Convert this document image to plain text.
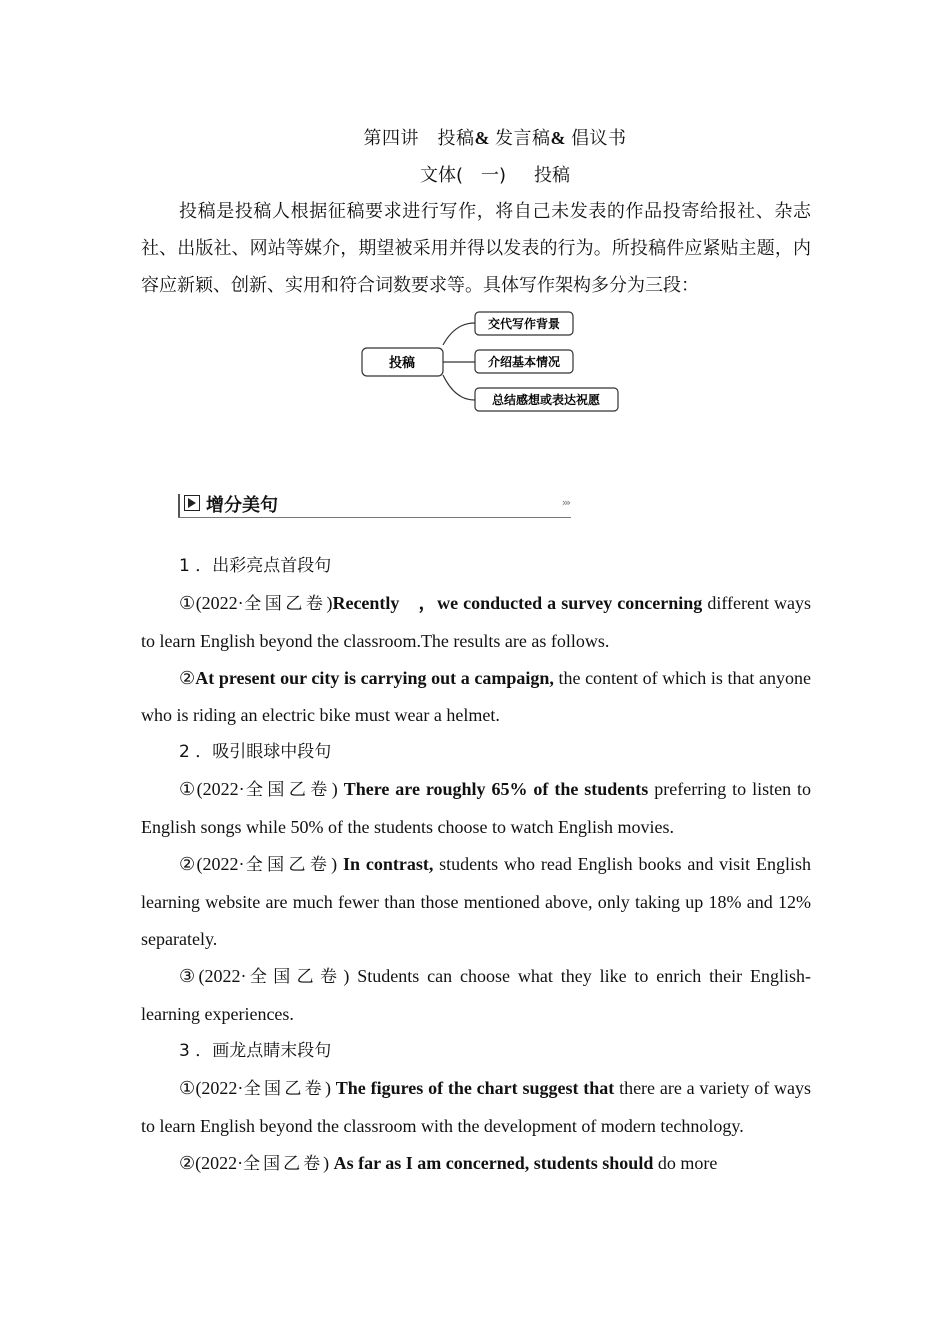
第四讲　投稿& 发言稿& 倡议书
文体(　一) 投稿

投稿是投稿人根据征稿要求进行写作，将自己未发表的作品投寄给报社、杂志社、出版社、网站等媒介，期望被采用并得以发表的行为。所投稿件应紧贴主题，内容应新颖、创新、实用和符合词数要求等。具体写作架构多分为三段：

投稿
交代写作背景
介绍基本情况
总结感想或表达祝愿
增分美句	›››

1 ．出彩亮点首段句

①(2022·全国乙卷)Recently　，we conducted a survey concerning different ways to learn English beyond the classroom.The results are as follows.

②At present our city is carrying out a campaign, the content of which is that anyone who is riding an electric bike must wear a helmet.

2 ．吸引眼球中段句

①(2022·全国乙卷) There are roughly 65% of the students preferring to listen to English songs while 50% of the students choose to watch English movies.

②(2022·全国乙卷) In contrast, students who read English books and visit English learning website are much fewer than those mentioned above, only taking up 18% and 12% separately.

③(2022·全国乙卷) Students can choose what they like to enrich their English-learning experiences.

3 ．画龙点睛末段句

①(2022·全国乙卷) The figures of the chart suggest that there are a variety of ways to learn English beyond the classroom with the development of modern technology.

②(2022·全国乙卷) As far as I am concerned, students should do more
